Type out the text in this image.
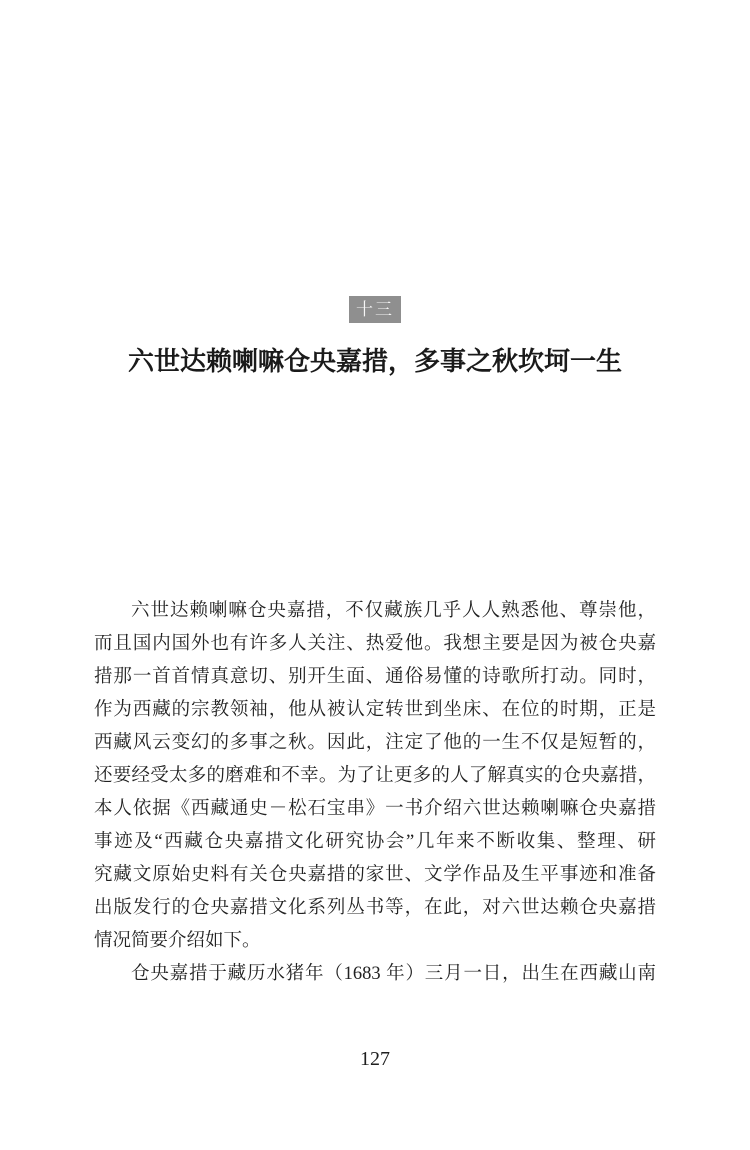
十三
六世达赖喇嘛仓央嘉措，多事之秋坎坷一生
六世达赖喇嘛仓央嘉措，不仅藏族几乎人人熟悉他、尊崇他，
而且国内国外也有许多人关注、热爱他。我想主要是因为被仓央嘉
措那一首首情真意切、别开生面、通俗易懂的诗歌所打动。同时，
作为西藏的宗教领袖，他从被认定转世到坐床、在位的时期，正是
西藏风云变幻的多事之秋。因此，注定了他的一生不仅是短暂的，
还要经受太多的磨难和不幸。为了让更多的人了解真实的仓央嘉措，
本人依据《西藏通史－松石宝串》一书介绍六世达赖喇嘛仓央嘉措
事迹及“西藏仓央嘉措文化研究协会”几年来不断收集、整理、研
究藏文原始史料有关仓央嘉措的家世、文学作品及生平事迹和准备
出版发行的仓央嘉措文化系列丛书等，在此，对六世达赖仓央嘉措
情况简要介绍如下。
仓央嘉措于藏历水猪年（1683 年）三月一日，出生在西藏山南
127
